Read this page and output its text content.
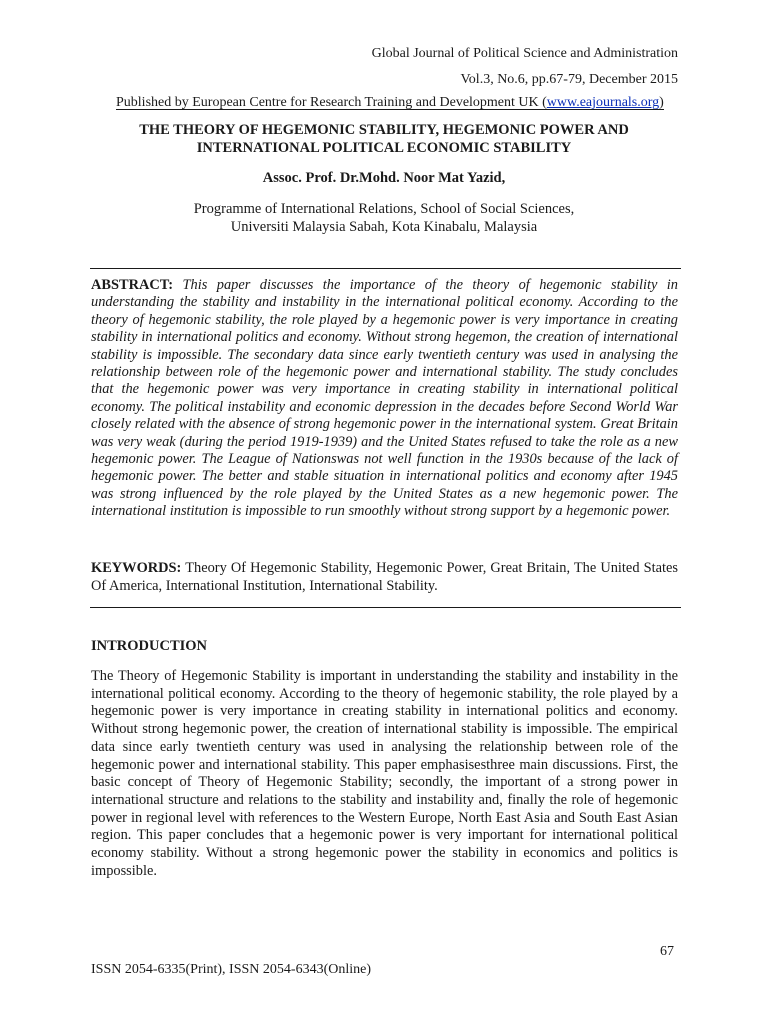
Global Journal of Political Science and Administration
Vol.3, No.6, pp.67-79, December 2015
Published by European Centre for Research Training and Development UK (www.eajournals.org)
THE THEORY OF HEGEMONIC STABILITY, HEGEMONIC POWER AND
INTERNATIONAL POLITICAL ECONOMIC STABILITY
Assoc. Prof. Dr.Mohd. Noor Mat Yazid,
Programme of International Relations, School of Social Sciences,
Universiti Malaysia Sabah, Kota Kinabalu, Malaysia
ABSTRACT: This paper discusses the importance of the theory of hegemonic stability in understanding the stability and instability in the international political economy. According to the theory of hegemonic stability, the role played by a hegemonic power is very importance in creating stability in international politics and economy. Without strong hegemon, the creation of international stability is impossible. The secondary data since early twentieth century was used in analysing the relationship between role of the hegemonic power and international stability. The study concludes that the hegemonic power was very importance in creating stability in international political economy. The political instability and economic depression in the decades before Second World War closely related with the absence of strong hegemonic power in the international system. Great Britain was very weak (during the period 1919-1939) and the United States refused to take the role as a new hegemonic power. The League of Nationswas not well function in the 1930s because of the lack of hegemonic power. The better and stable situation in international politics and economy after 1945 was strong influenced by the role played by the United States as a new hegemonic power. The international institution is impossible to run smoothly without strong support by a hegemonic power.
KEYWORDS: Theory Of Hegemonic Stability, Hegemonic Power, Great Britain, The United States Of America, International Institution, International Stability.
INTRODUCTION
The Theory of Hegemonic Stability is important in understanding the stability and instability in the international political economy. According to the theory of hegemonic stability, the role played by a hegemonic power is very importance in creating stability in international politics and economy. Without strong hegemonic power, the creation of international stability is impossible. The empirical data since early twentieth century was used in analysing the relationship between role of the hegemonic power and international stability. This paper emphasisesthree main discussions. First, the basic concept of Theory of Hegemonic Stability; secondly, the important of a strong power in international structure and relations to the stability and instability and, finally the role of hegemonic power in regional level with references to the Western Europe, North East Asia and South East Asian region. This paper concludes that a hegemonic power is very important for international political economy stability. Without a strong hegemonic power the stability in economics and politics is impossible.
67
ISSN 2054-6335(Print), ISSN 2054-6343(Online)
